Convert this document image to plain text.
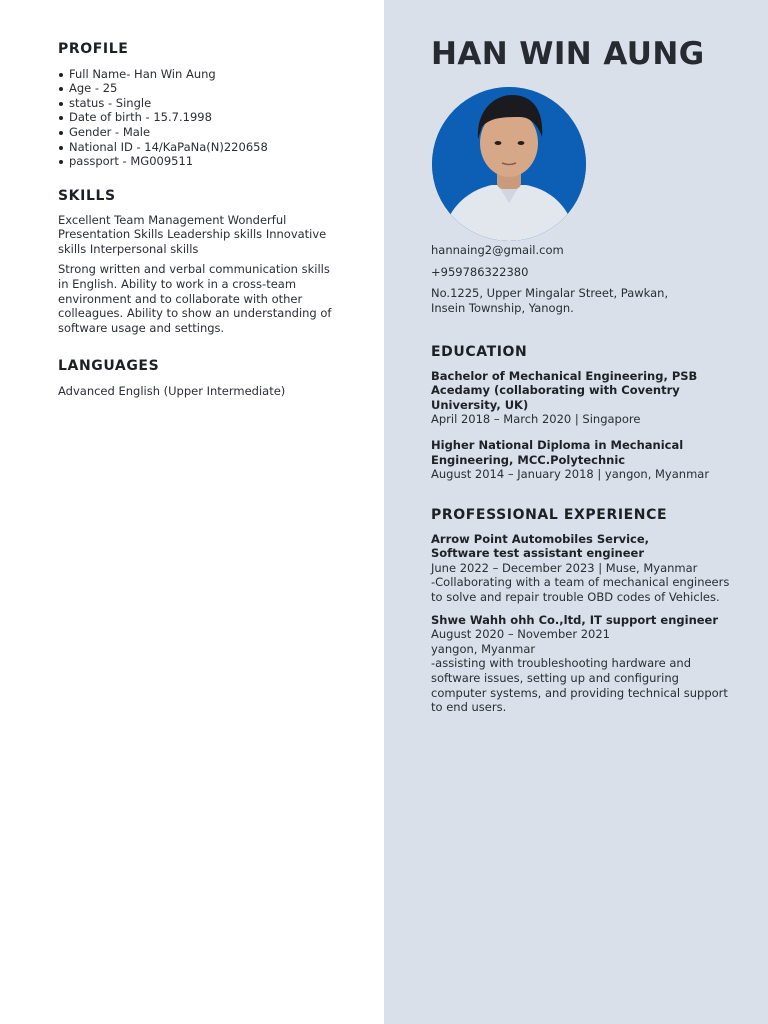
PROFILE
Full Name- Han Win Aung
Age - 25
status - Single
Date of birth - 15.7.1998
Gender - Male
National ID - 14/KaPaNa(N)220658
passport - MG009511
SKILLS

Excellent Team Management Wonderful Presentation Skills Leadership skills Innovative skills Interpersonal skills

Strong written and verbal communication skills in English. Ability to work in a cross-team environment and to collaborate with other colleagues. Ability to show an understanding of software usage and settings.

LANGUAGES

Advanced English (Upper Intermediate)

HAN WIN AUNG
hannaing2@gmail.com
+959786322380
No.1225, Upper Mingalar Street, Pawkan,
Insein Township, Yanogn.
EDUCATION
Bachelor of Mechanical Engineering, PSB Acedamy (collaborating with Coventry University, UK)
April 2018 – March 2020 | Singapore
Higher National Diploma in Mechanical Engineering, MCC.Polytechnic
August 2014 – January 2018 | yangon, Myanmar
PROFESSIONAL EXPERIENCE
Arrow Point Automobiles Service,
Software test assistant engineer
June 2022 – December 2023 | Muse, Myanmar
-Collaborating with a team of mechanical engineers to solve and repair trouble OBD codes of Vehicles.
Shwe Wahh ohh Co.,ltd, IT support engineer
August 2020 – November 2021
yangon, Myanmar
-assisting with troubleshooting hardware and software issues, setting up and configuring computer systems, and providing technical support to end users.
